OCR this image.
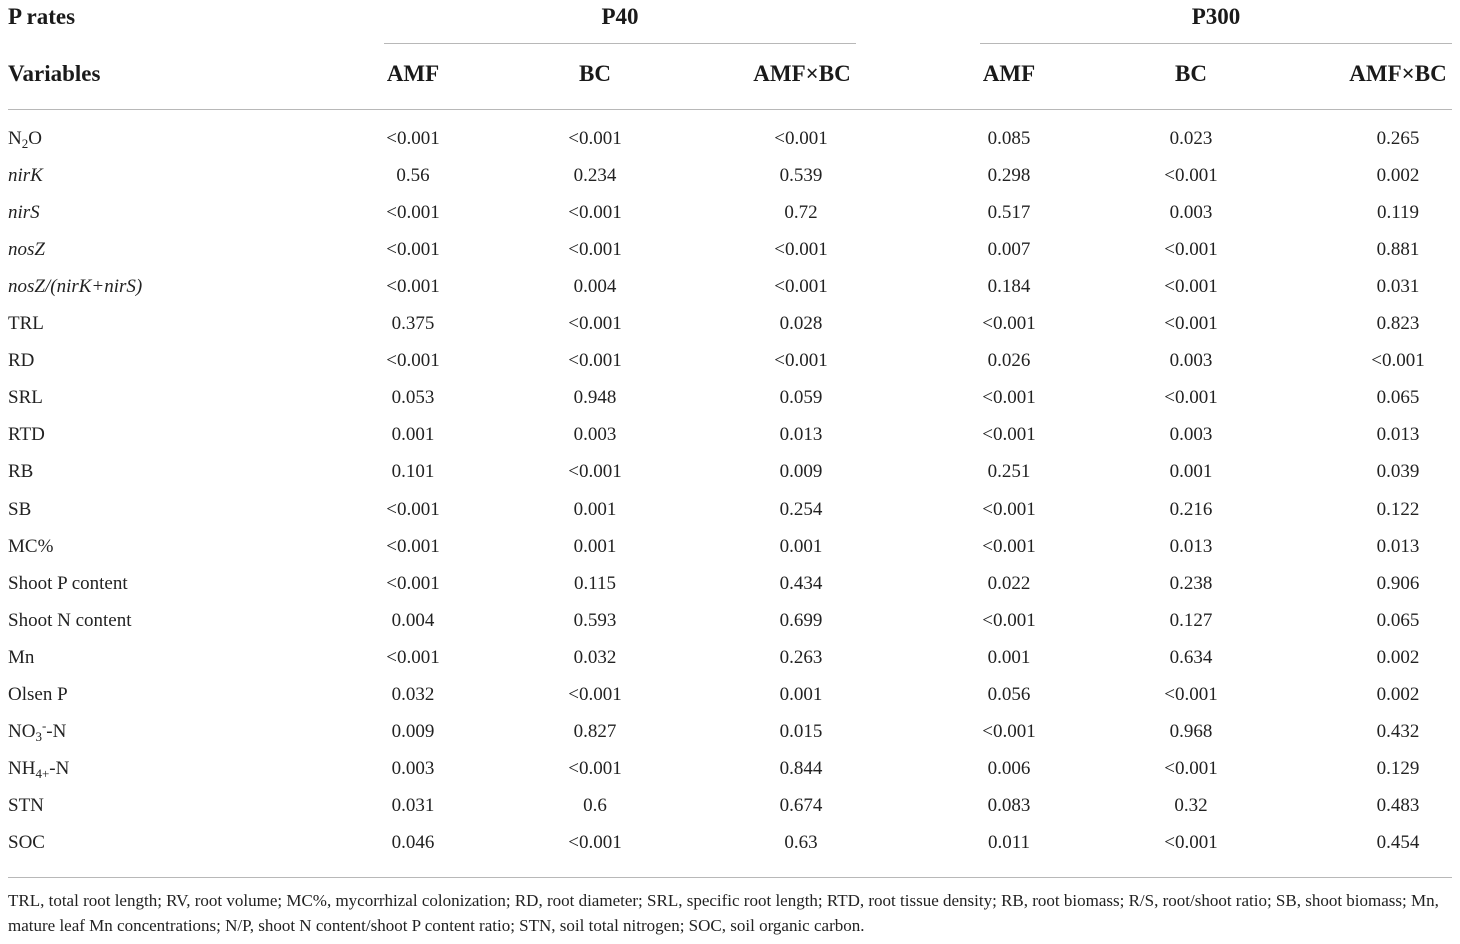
P rates	P40	P300
Variables	AMF	BC	AMF×BC	AMF	BC	AMF×BC
$N_2O$	<0.001	<0.001	<0.001	0.085	0.023	0.265
nirK	0.56	0.234	0.539	0.298	<0.001	0.002
nirS	<0.001	<0.001	0.72	0.517	0.003	0.119
nosZ	<0.001	<0.001	<0.001	0.007	<0.001	0.881
nosZ/(nirK+nirS)	<0.001	0.004	<0.001	0.184	<0.001	0.031
TRL	0.375	<0.001	0.028	<0.001	<0.001	0.823
RD	<0.001	<0.001	<0.001	0.026	0.003	<0.001
SRL	0.053	0.948	0.059	<0.001	<0.001	0.065
RTD	0.001	0.003	0.013	<0.001	0.003	0.013
RB	0.101	<0.001	0.009	0.251	0.001	0.039
SB	<0.001	0.001	0.254	<0.001	0.216	0.122
MC%	<0.001	0.001	0.001	<0.001	0.013	0.013
Shoot P content	<0.001	0.115	0.434	0.022	0.238	0.906
Shoot N content	0.004	0.593	0.699	<0.001	0.127	0.065
Mn	<0.001	0.032	0.263	0.001	0.634	0.002
Olsen P	0.032	<0.001	0.001	0.056	<0.001	0.002
$NO_3^--N$	0.009	0.827	0.015	<0.001	0.968	0.432
$NH_{4+}-N$	0.003	<0.001	0.844	0.006	<0.001	0.129
STN	0.031	0.6	0.674	0.083	0.32	0.483
SOC	0.046	<0.001	0.63	0.011	<0.001	0.454
TRL, total root length; RV, root volume; MC%, mycorrhizal colonization; RD, root diameter; SRL, specific root length; RTD, root tissue density; RB, root biomass; R/S, root/shoot ratio; SB, shoot biomass; Mn, mature leaf Mn concentrations; N/P, shoot N content/shoot P content ratio; STN, soil total nitrogen; SOC, soil organic carbon.
